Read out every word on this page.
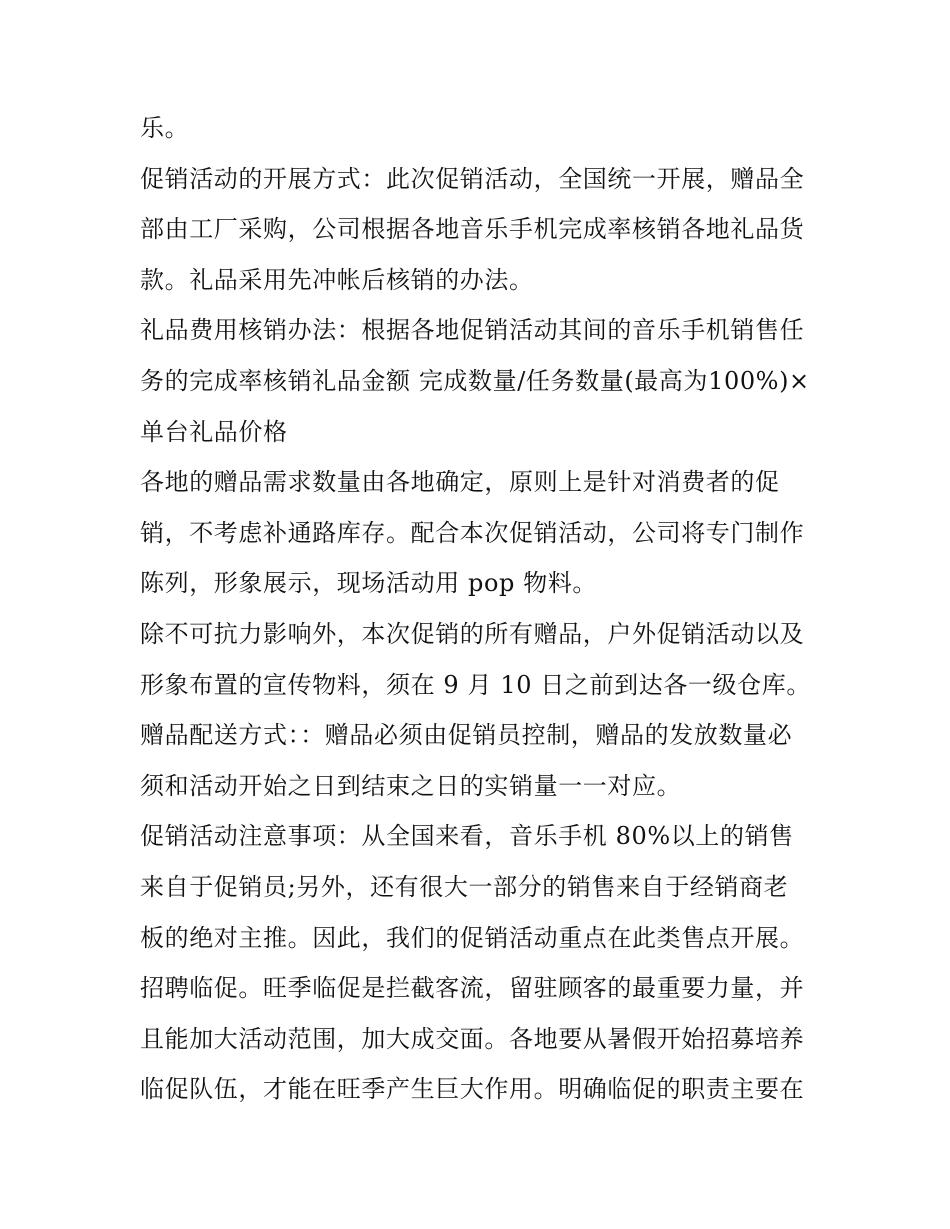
乐。
促销活动的开展方式：此次促销活动，全国统一开展，赠品全
部由工厂采购，公司根据各地音乐手机完成率核销各地礼品货
款。礼品采用先冲帐后核销的办法。
礼品费用核销办法：根据各地促销活动其间的音乐手机销售任
务的完成率核销礼品金额 完成数量/任务数量(最高为100%)×
单台礼品价格
各地的赠品需求数量由各地确定，原则上是针对消费者的促
销，不考虑补通路库存。配合本次促销活动，公司将专门制作
陈列，形象展示，现场活动用 pop 物料。
除不可抗力影响外，本次促销的所有赠品，户外促销活动以及
形象布置的宣传物料，须在 9 月 10 日之前到达各一级仓库。
赠品配送方式：：赠品必须由促销员控制，赠品的发放数量必
须和活动开始之日到结束之日的实销量一一对应。
促销活动注意事项：从全国来看，音乐手机 80%以上的销售
来自于促销员;另外，还有很大一部分的销售来自于经销商老
板的绝对主推。因此，我们的促销活动重点在此类售点开展。
招聘临促。旺季临促是拦截客流，留驻顾客的最重要力量，并
且能加大活动范围，加大成交面。各地要从暑假开始招募培养
临促队伍，才能在旺季产生巨大作用。明确临促的职责主要在
